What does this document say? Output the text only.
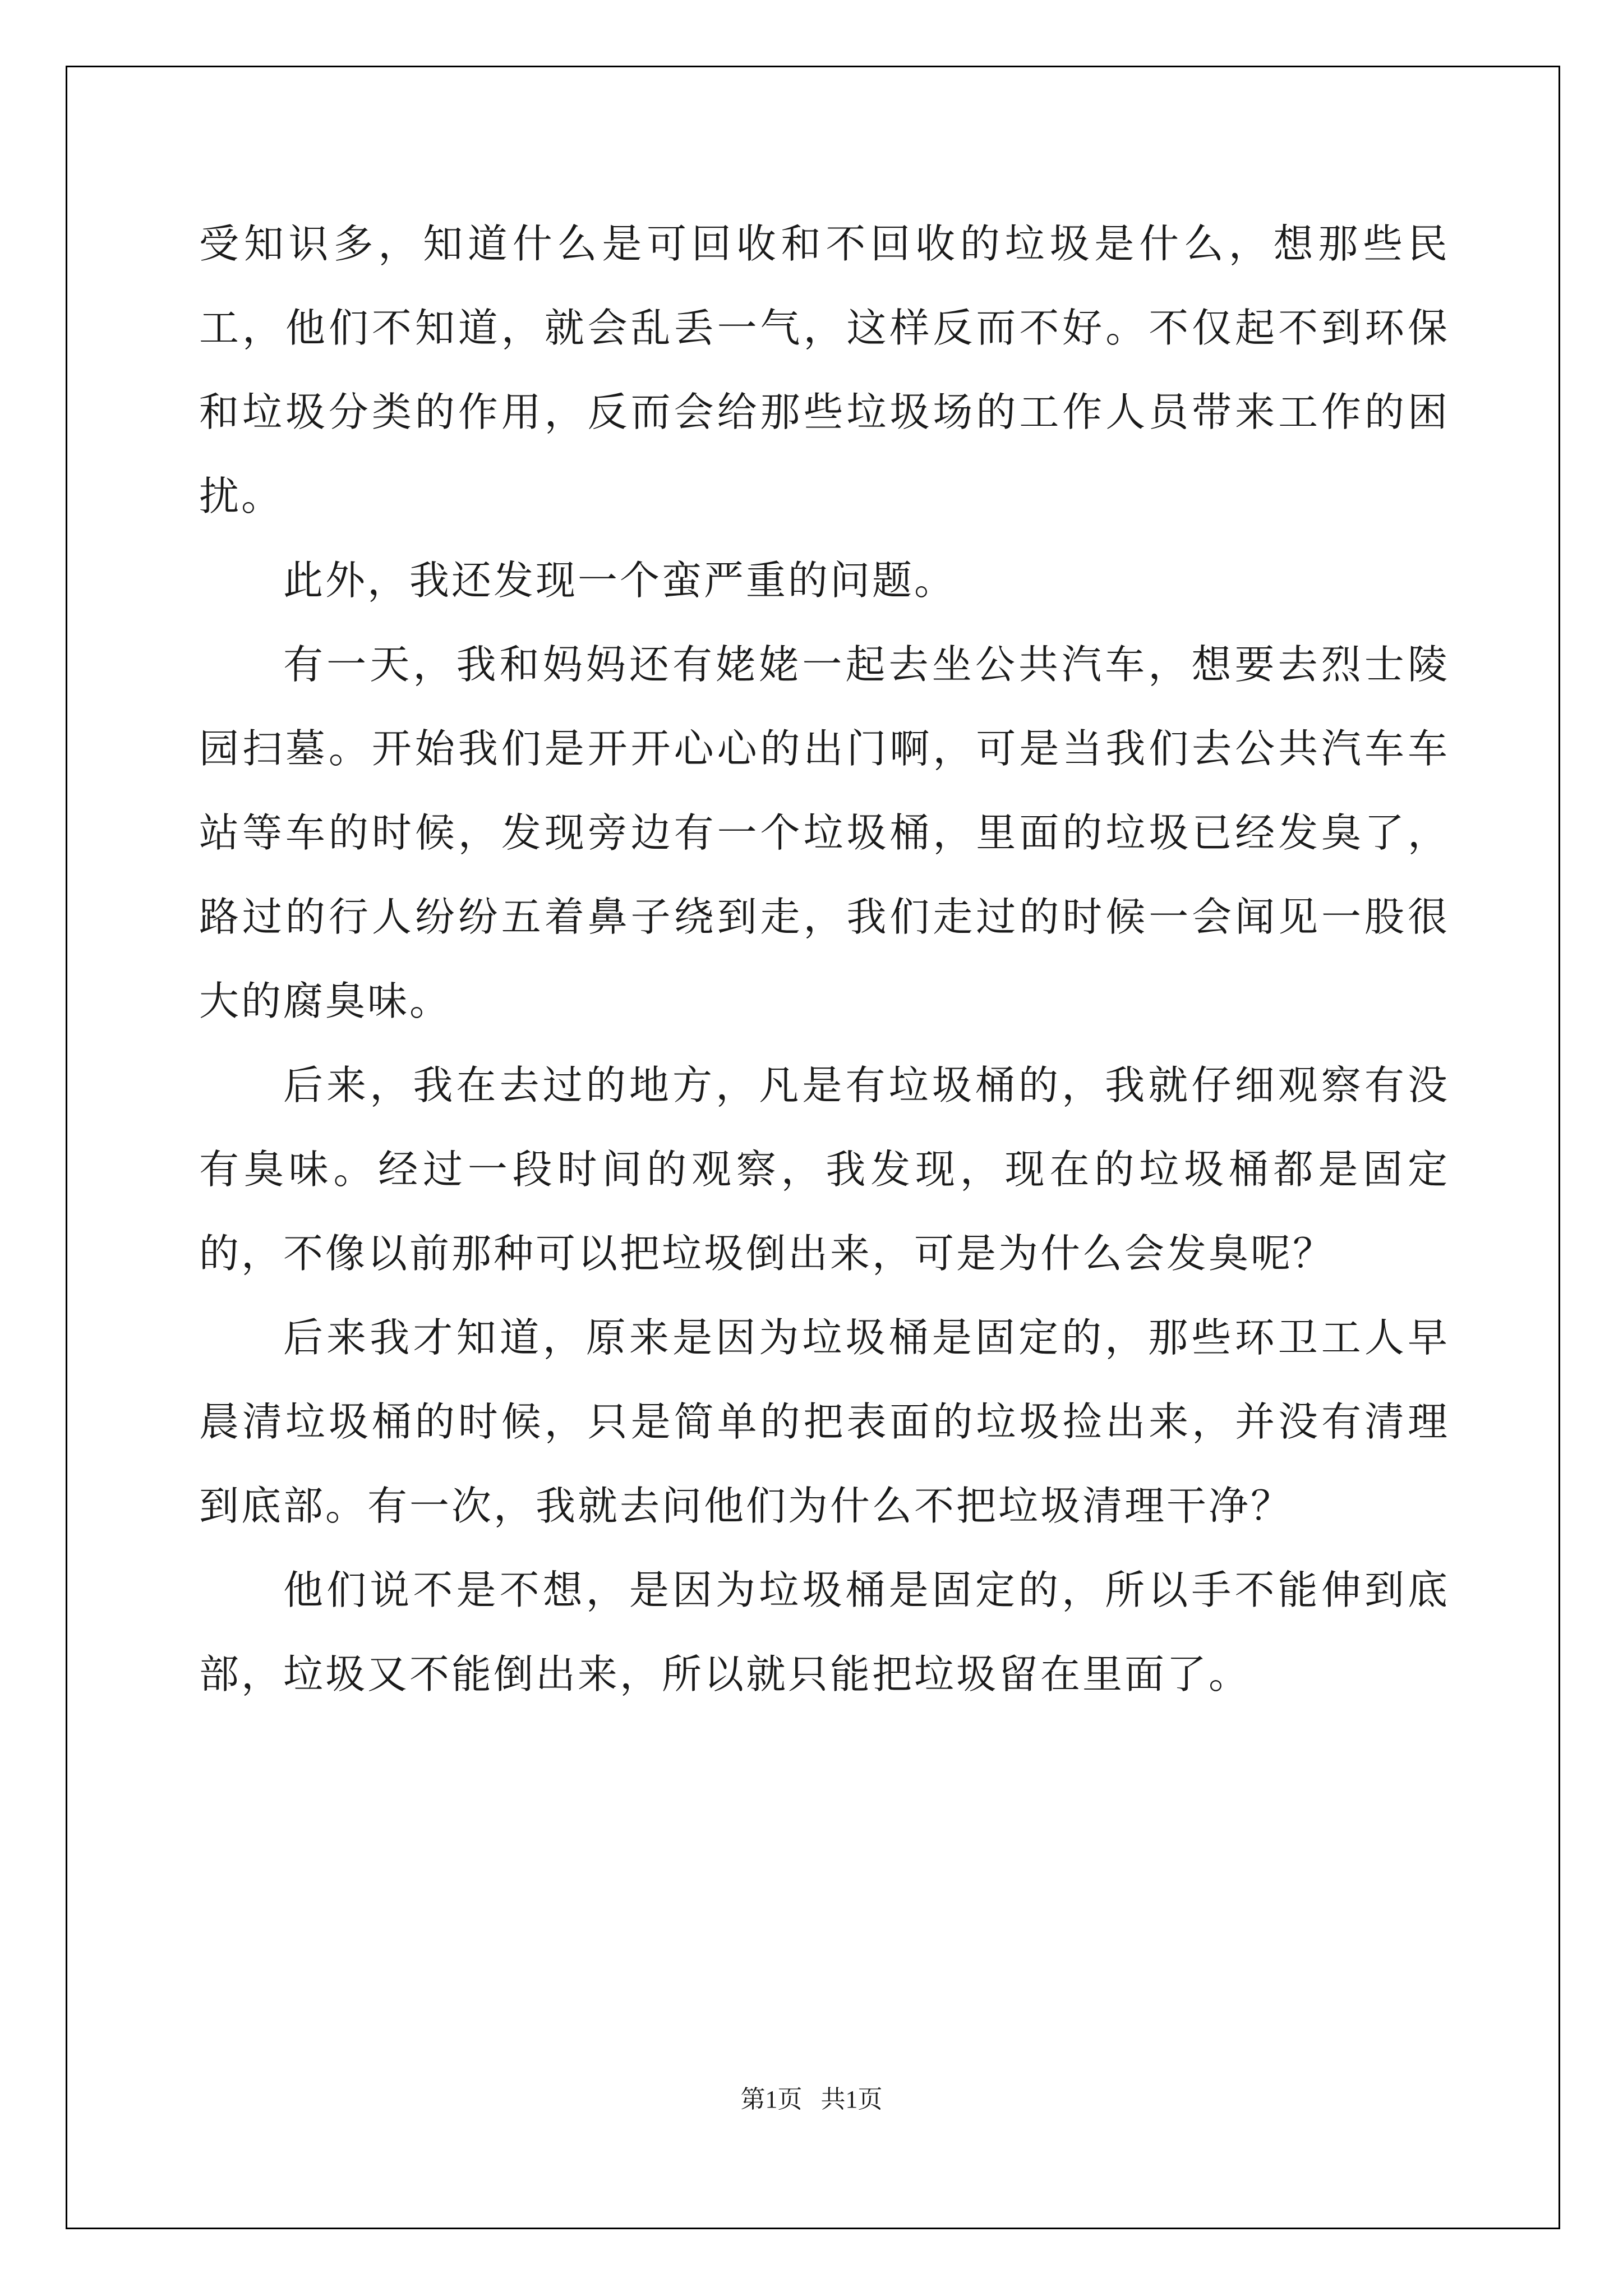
受知识多，知道什么是可回收和不回收的垃圾是什么，想那些民工，他们不知道，就会乱丢一气，这样反而不好。不仅起不到环保和垃圾分类的作用，反而会给那些垃圾场的工作人员带来工作的困扰。

此外，我还发现一个蛮严重的问题。

有一天，我和妈妈还有姥姥一起去坐公共汽车，想要去烈士陵园扫墓。开始我们是开开心心的出门啊，可是当我们去公共汽车车站等车的时候，发现旁边有一个垃圾桶，里面的垃圾已经发臭了，路过的行人纷纷五着鼻子绕到走，我们走过的时候一会闻见一股很大的腐臭味。

后来，我在去过的地方，凡是有垃圾桶的，我就仔细观察有没有臭味。经过一段时间的观察，我发现，现在的垃圾桶都是固定的，不像以前那种可以把垃圾倒出来，可是为什么会发臭呢？

后来我才知道，原来是因为垃圾桶是固定的，那些环卫工人早晨清垃圾桶的时候，只是简单的把表面的垃圾捡出来，并没有清理到底部。有一次，我就去问他们为什么不把垃圾清理干净？

他们说不是不想，是因为垃圾桶是固定的，所以手不能伸到底部，垃圾又不能倒出来，所以就只能把垃圾留在里面了。

第1页   共1页
